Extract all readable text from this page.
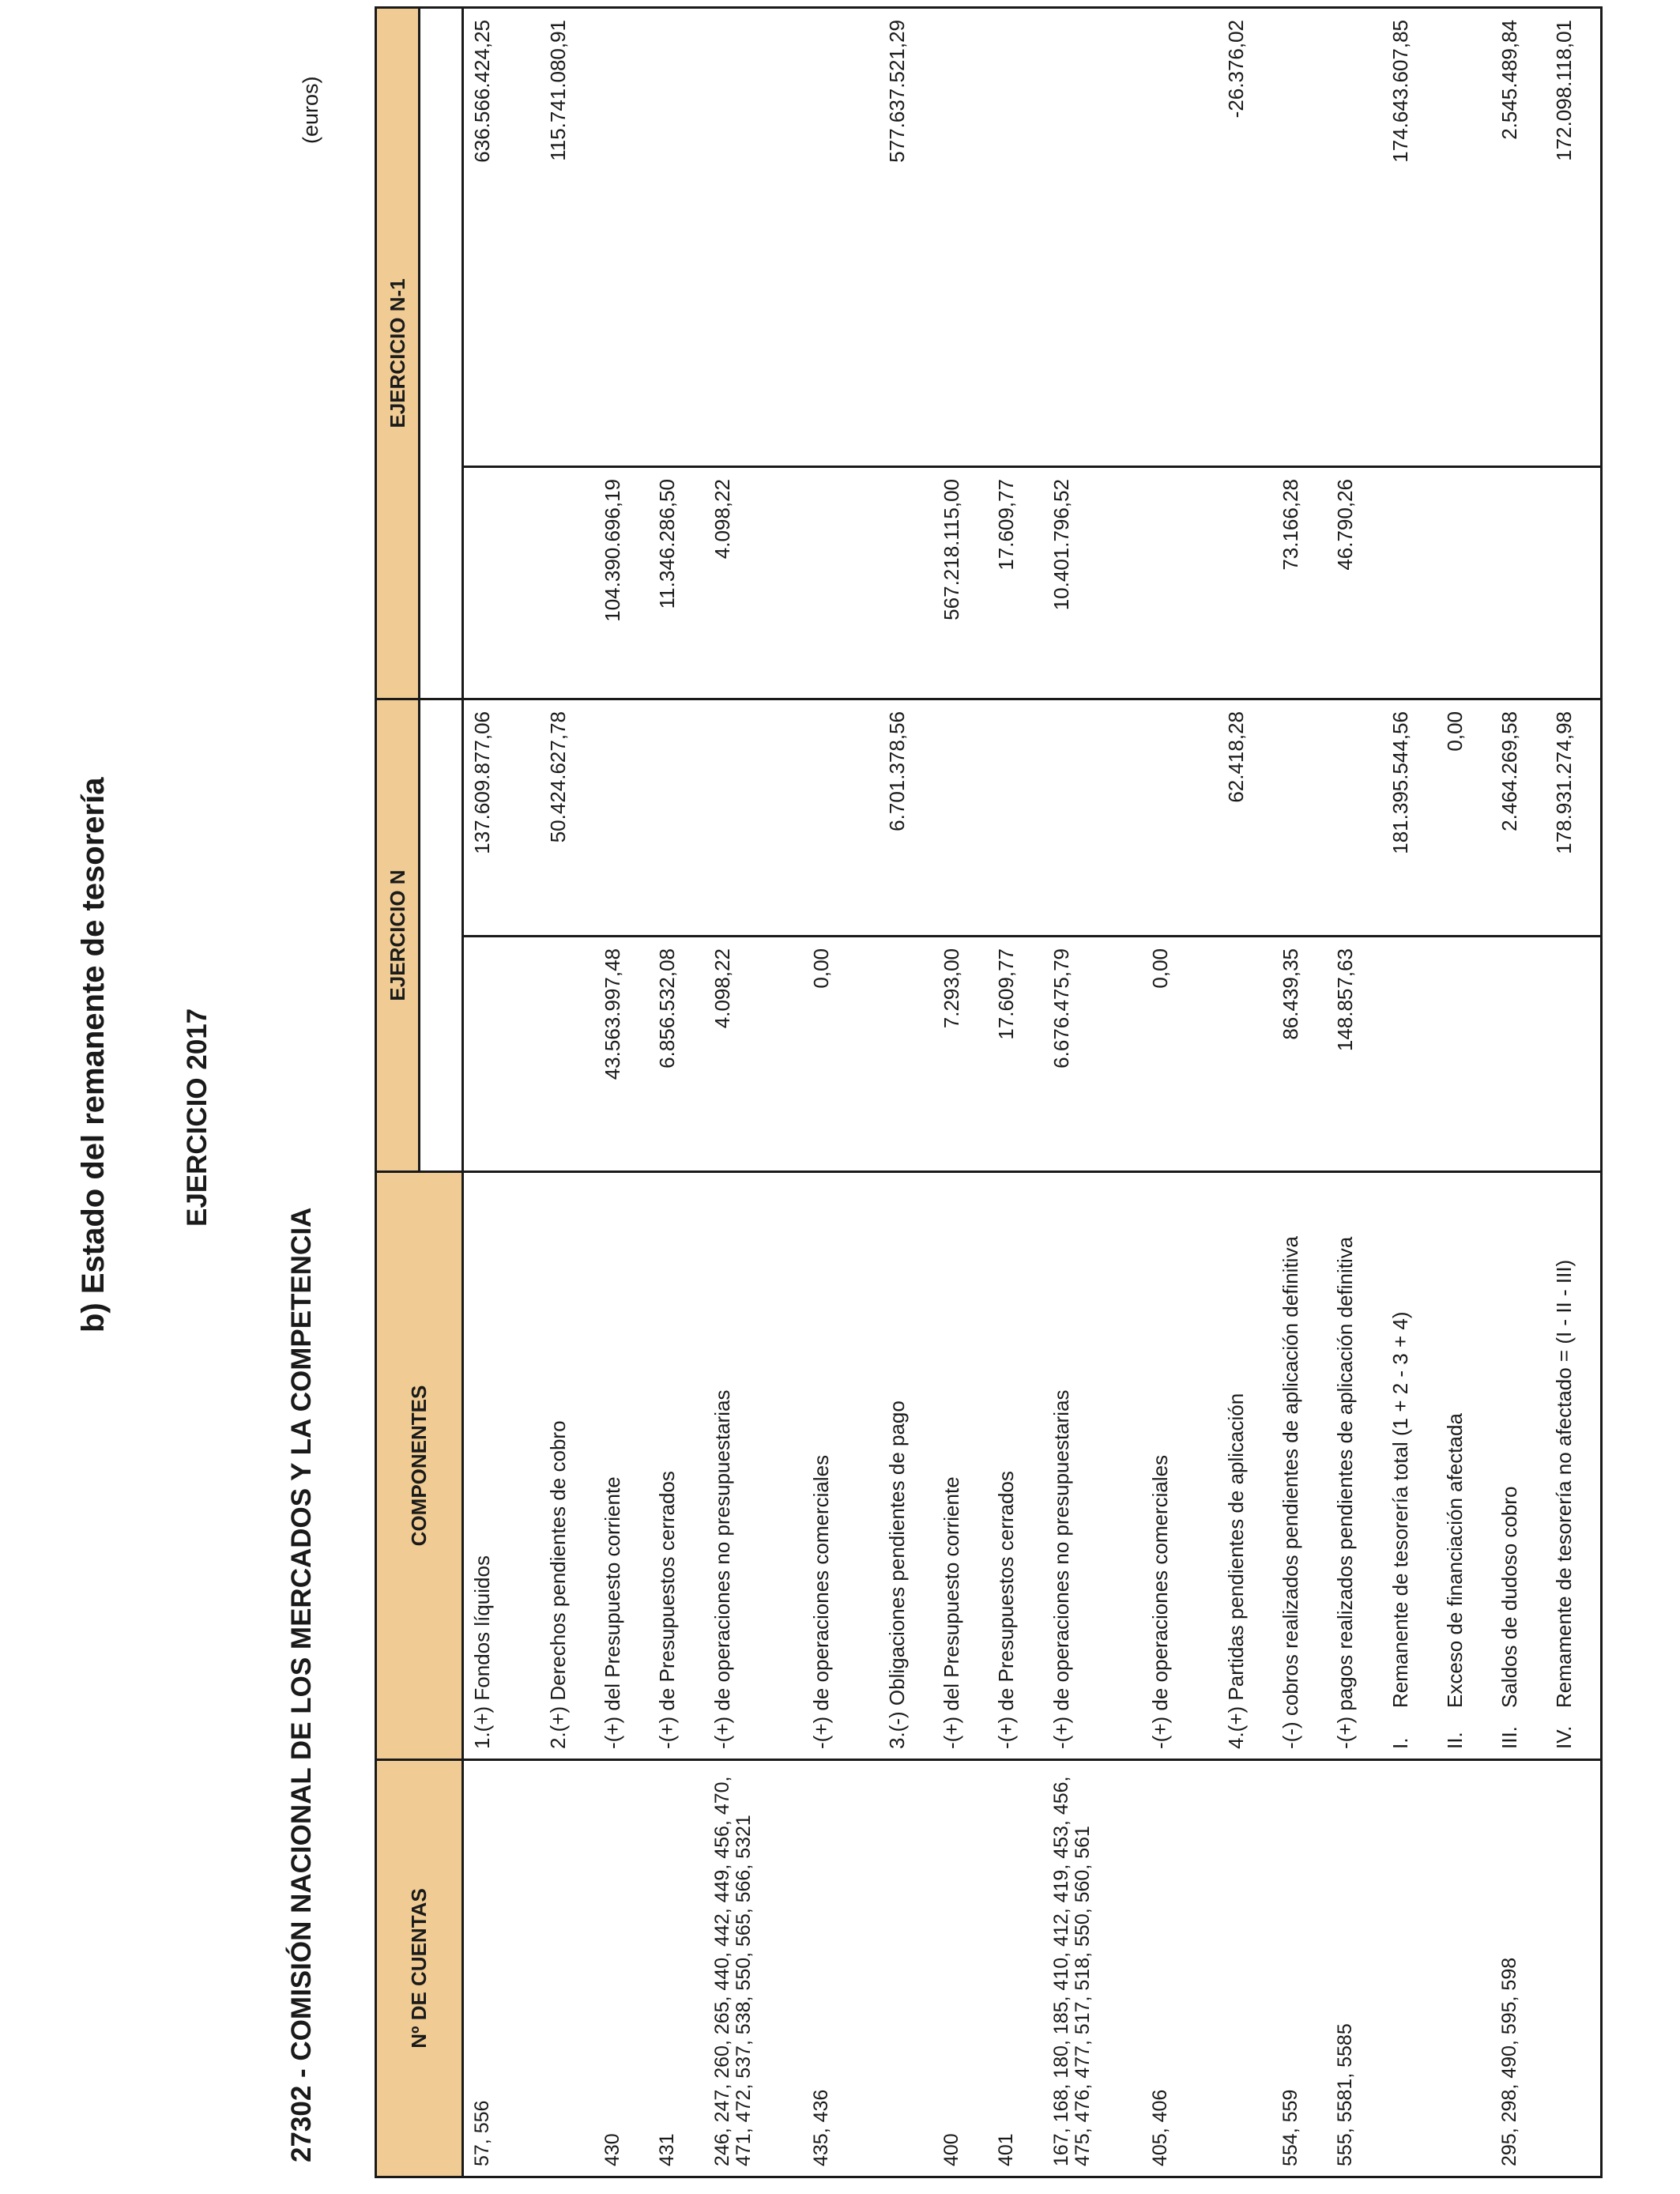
b) Estado del remanente de tesorería	EJERCICIO 2017
27302 - COMISIÓN NACIONAL DE LOS MERCADOS Y LA COMPETENCIA
(euros)
Nº DE CUENTAS	COMPONENTES	EJERCICIO N		EJERCICIO N-1	

57, 556	1.(+) Fondos líquidos		137.609.877,06		636.566.424,25

	2.(+) Derechos pendientes de cobro		50.424.627,78		115.741.080,91
430	-(+) del Presupuesto corriente	43.563.997,48		104.390.696,19	
431	-(+) de Presupuestos cerrados	6.856.532,08		11.346.286,50	
246, 247, 260, 265, 440, 442, 449, 456, 470, 471, 472, 537, 538, 550, 565, 566, 5321	-(+) de operaciones no presupuestarias	4.098,22		4.098,22	
435, 436	-(+) de operaciones comerciales	0,00			

	3.(-) Obligaciones pendientes de pago		6.701.378,56		577.637.521,29
400	-(+) del Presupuesto corriente	7.293,00		567.218.115,00	
401	-(+) de Presupuestos cerrados	17.609,77		17.609,77	
167, 168, 180, 185, 410, 412, 419, 453, 456, 475, 476, 477, 517, 518, 550, 560, 561	-(+) de operaciones no presupuestarias	6.676.475,79		10.401.796,52	
405, 406	-(+) de operaciones comerciales	0,00			

	4.(+) Partidas pendientes de aplicación		62.418,28		-26.376,02
554, 559	-(-) cobros realizados pendientes de aplicación definitiva	86.439,35		73.166,28	
555, 5581, 5585	-(+) pagos realizados pendientes de aplicación definitiva	148.857,63		46.790,26	
	I.Remanente de tesorería total (1 + 2 - 3 + 4)		181.395.544,56		174.643.607,85
	II.Exceso de financiación afectada		0,00		
295, 298, 490, 595, 598	III.Saldos de dudoso cobro		2.464.269,58		2.545.489,84
	IV.Remamente de tesorería no afectado = (I - II - III)		178.931.274,98		172.098.118,01
